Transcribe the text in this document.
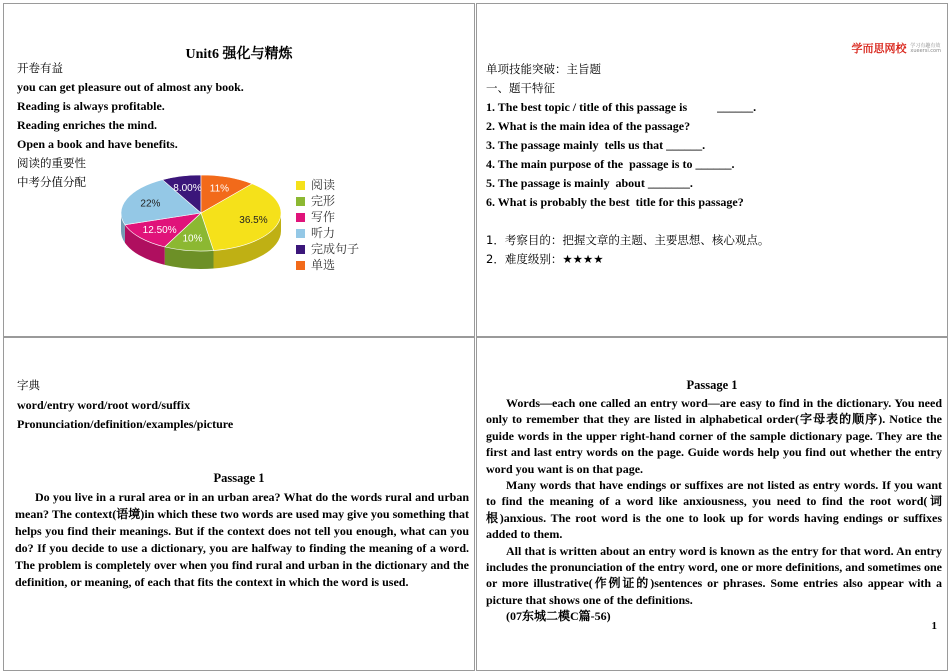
Unit6 强化与精炼
开卷有益
you can get pleasure out of almost any book.
Reading is always profitable.
Reading enriches the mind.
Open a book and have benefits.
阅读的重要性
中考分值分配
36.5%
10%
12.50%
22%
8.00% 11%	阅读
完形
写作
听力
完成句子
单选
学而思网校 学习有趣有效
xueersi.com
单项技能突破：主旨题
一、题干特征
1. The best topic / title of this passage is          ______.
2. What is the main idea of the passage?
3. The passage mainly  tells us that ______.
4. The main purpose of the  passage is to ______.
5. The passage is mainly  about _______.
6. What is probably the best  title for this passage?
1．考察目的：把握文章的主题、主要思想、核心观点。
2．难度级别：★★★★
字典
word/entry word/root word/suffix
Pronunciation/definition/examples/picture
Passage 1

Do you live in a rural area or in an urban area? What do the words rural and urban mean? The context(语境)in which these two words are used may give you something that helps you find their meanings. But if the context does not tell you enough, what can you do? If you decide to use a dictionary, you are halfway to finding the meaning of a word. The problem is completely over when you find rural and urban in the dictionary and the definition, or meaning, of each that fits the context in which the word is used.

Passage 1

Words—each one called an entry word—are easy to find in the dictionary. You need only to remember that they are listed in alphabetical order(字母表的顺序). Notice the guide words in the upper right-hand corner of the sample dictionary page. They are the first and last entry words on the page. Guide words help you find out whether the entry word you want is on that page.

Many words that have endings or suffixes are not listed as entry words. If you want to find the meaning of a word like anxiousness, you need to find the root word(词根)anxious. The root word is the one to look up for words having endings or suffixes added to them.

All that is written about an entry word is known as the entry for that word. An entry includes the pronunciation of the entry word, one or more definitions, and sometimes one or more illustrative(作例证的)sentences or phrases. Some entries also appear with a picture that shows one of the definitions.

(07东城二模C篇-56)

1
